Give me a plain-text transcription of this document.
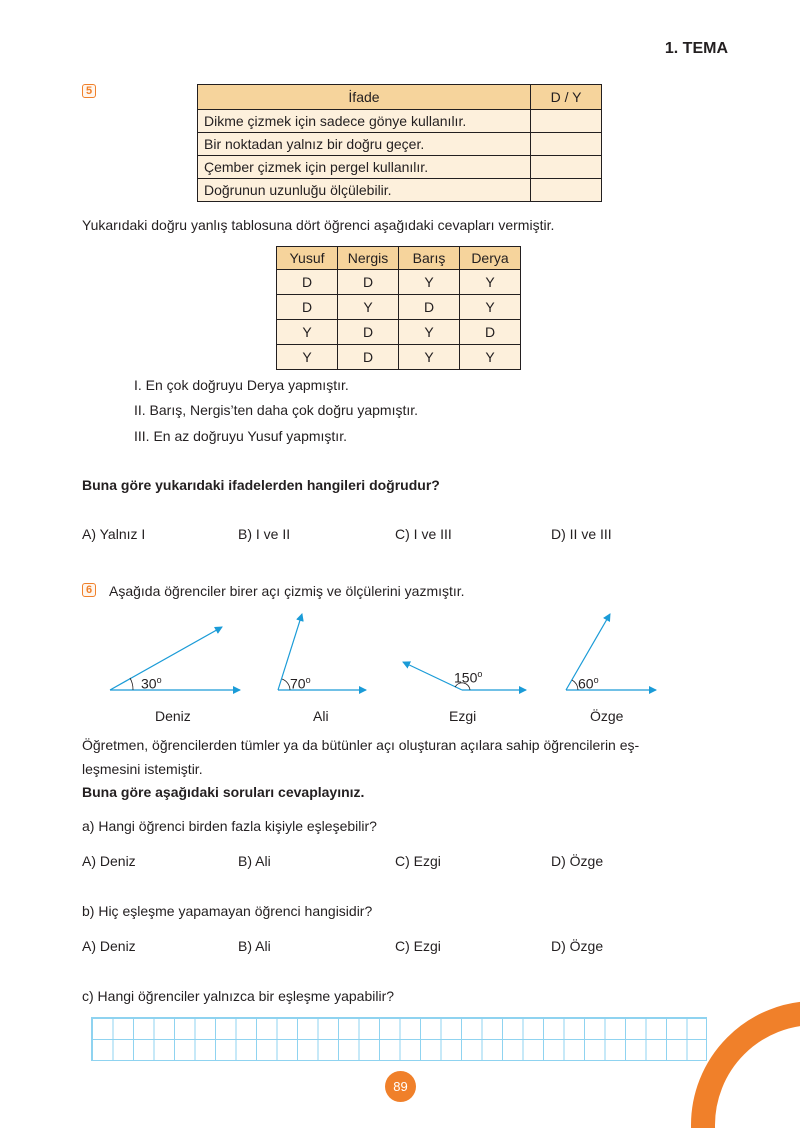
1. TEMA
5	İfade	D / Y
Dikme çizmek için sadece gönye kullanılır.	
Bir noktadan yalnız bir doğru geçer.	
Çember çizmek için pergel kullanılır.	
Doğrunun uzunluğu ölçülebilir.	
Yukarıdaki doğru yanlış tablosuna dört öğrenci aşağıdaki cevapları vermiştir.
Yusuf	Nergis	Barış	Derya
D	D	Y	Y
D	Y	D	Y
Y	D	Y	D
Y	D	Y	Y
I. En çok doğruyu Derya yapmıştır.
II. Barış, Nergis’ten daha çok doğru yapmıştır.
III. En az doğruyu Yusuf yapmıştır.
Buna göre yukarıdaki ifadelerden hangileri doğrudur?
A) Yalnız I	B) I ve II	C) I ve III	D) II ve III
6 Aşağıda öğrenciler birer açı çizmiş ve ölçülerini yazmıştır.
30$^o$	70$^o$	150$^o$
60$^o$
Deniz	Ali	Ezgi	Özge
Öğretmen, öğrencilerden tümler ya da bütünler açı oluşturan açılara sahip öğrencilerin eş-
leşmesini istemiştir.
Buna göre aşağıdaki soruları cevaplayınız.
a) Hangi öğrenci birden fazla kişiyle eşleşebilir?
A) Deniz	B) Ali	C) Ezgi	D) Özge
b) Hiç eşleşme yapamayan öğrenci hangisidir?
A) Deniz	B) Ali	C) Ezgi	D) Özge
c) Hangi öğrenciler yalnızca bir eşleşme yapabilir?
89
